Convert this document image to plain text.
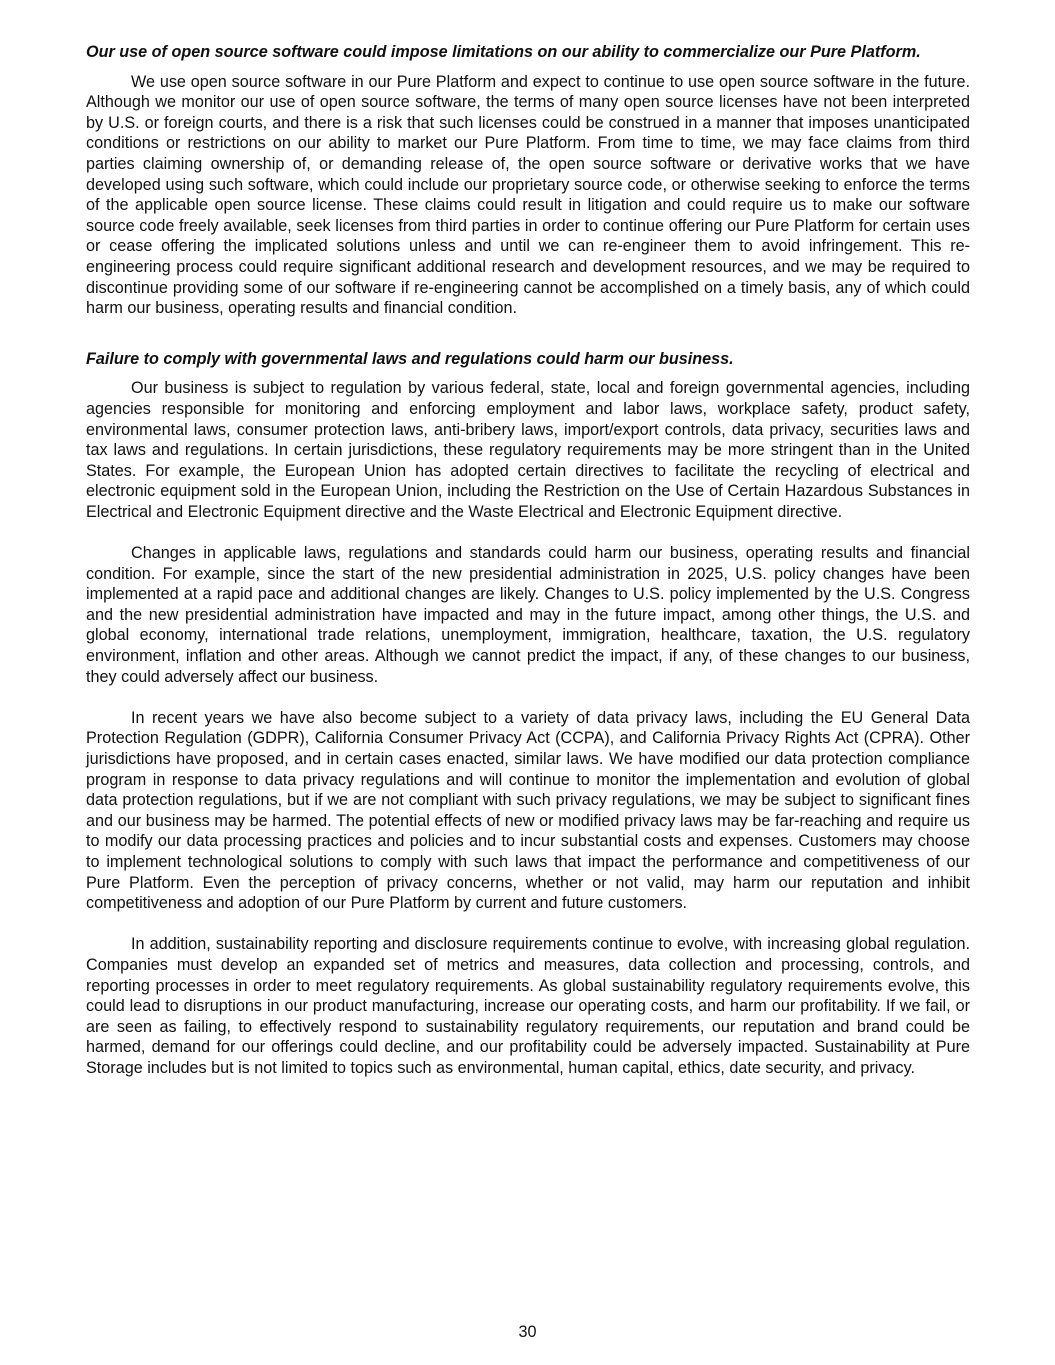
Our use of open source software could impose limitations on our ability to commercialize our Pure Platform.

We use open source software in our Pure Platform and expect to continue to use open source software in the future. Although we monitor our use of open source software, the terms of many open source licenses have not been interpreted by U.S. or foreign courts, and there is a risk that such licenses could be construed in a manner that imposes unanticipated conditions or restrictions on our ability to market our Pure Platform. From time to time, we may face claims from third parties claiming ownership of, or demanding release of, the open source software or derivative works that we have developed using such software, which could include our proprietary source code, or otherwise seeking to enforce the terms of the applicable open source license. These claims could result in litigation and could require us to make our software source code freely available, seek licenses from third parties in order to continue offering our Pure Platform for certain uses or cease offering the implicated solutions unless and until we can re-engineer them to avoid infringement. This re-engineering process could require significant additional research and development resources, and we may be required to discontinue providing some of our software if re-engineering cannot be accomplished on a timely basis, any of which could harm our business, operating results and financial condition.

Failure to comply with governmental laws and regulations could harm our business.

Our business is subject to regulation by various federal, state, local and foreign governmental agencies, including agencies responsible for monitoring and enforcing employment and labor laws, workplace safety, product safety, environmental laws, consumer protection laws, anti-bribery laws, import/export controls, data privacy, securities laws and tax laws and regulations. In certain jurisdictions, these regulatory requirements may be more stringent than in the United States. For example, the European Union has adopted certain directives to facilitate the recycling of electrical and electronic equipment sold in the European Union, including the Restriction on the Use of Certain Hazardous Substances in Electrical and Electronic Equipment directive and the Waste Electrical and Electronic Equipment directive.

Changes in applicable laws, regulations and standards could harm our business, operating results and financial condition. For example, since the start of the new presidential administration in 2025, U.S. policy changes have been implemented at a rapid pace and additional changes are likely. Changes to U.S. policy implemented by the U.S. Congress and the new presidential administration have impacted and may in the future impact, among other things, the U.S. and global economy, international trade relations, unemployment, immigration, healthcare, taxation, the U.S. regulatory environment, inflation and other areas. Although we cannot predict the impact, if any, of these changes to our business, they could adversely affect our business.

In recent years we have also become subject to a variety of data privacy laws, including the EU General Data Protection Regulation (GDPR), California Consumer Privacy Act (CCPA), and California Privacy Rights Act (CPRA). Other jurisdictions have proposed, and in certain cases enacted, similar laws. We have modified our data protection compliance program in response to data privacy regulations and will continue to monitor the implementation and evolution of global data protection regulations, but if we are not compliant with such privacy regulations, we may be subject to significant fines and our business may be harmed. The potential effects of new or modified privacy laws may be far-reaching and require us to modify our data processing practices and policies and to incur substantial costs and expenses. Customers may choose to implement technological solutions to comply with such laws that impact the performance and competitiveness of our Pure Platform. Even the perception of privacy concerns, whether or not valid, may harm our reputation and inhibit competitiveness and adoption of our Pure Platform by current and future customers.

In addition, sustainability reporting and disclosure requirements continue to evolve, with increasing global regulation. Companies must develop an expanded set of metrics and measures, data collection and processing, controls, and reporting processes in order to meet regulatory requirements. As global sustainability regulatory requirements evolve, this could lead to disruptions in our product manufacturing, increase our operating costs, and harm our profitability. If we fail, or are seen as failing, to effectively respond to sustainability regulatory requirements, our reputation and brand could be harmed, demand for our offerings could decline, and our profitability could be adversely impacted. Sustainability at Pure Storage includes but is not limited to topics such as environmental, human capital, ethics, date security, and privacy.

30
